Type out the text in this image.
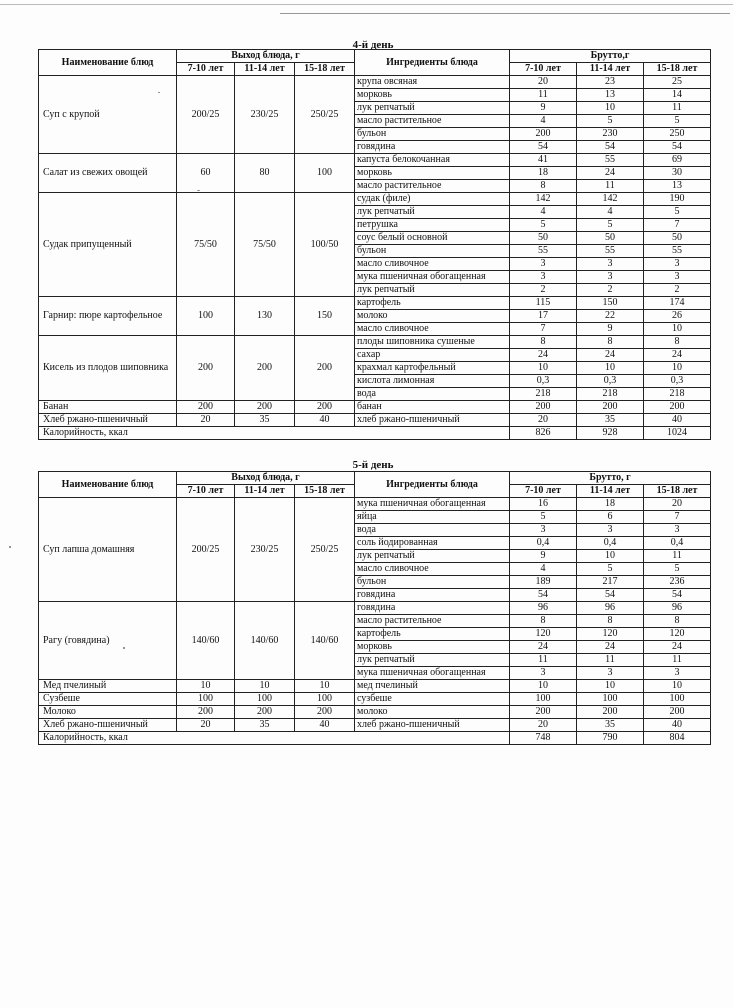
4-й день
Наименование блюд	Выход блюда, г			Ингредиенты блюда	Брутто,г		
	7-10 лет	11-14 лет	15-18 лет		7-10 лет	11-14 лет	15-18 лет
Суп с крупой	200/25	230/25	250/25	крупа овсяная	20	23	25
				морковь	11	13	14
				лук репчатый	9	10	11
				масло растительное	4	5	5
				бульон	200	230	250
				говядина	54	54	54
Салат из свежих овощей	60	80	100	капуста белокочанная	41	55	69
				морковь	18	24	30
				масло растительное	8	11	13
Судак припущенный	75/50	75/50	100/50	судак (филе)	142	142	190
				лук репчатый	4	4	5
				петрушка	5	5	7
				соус белый основной	50	50	50
				бульон	55	55	55
				масло сливочное	3	3	3
				мука пшеничная обогащенная	3	3	3
				лук репчатый	2	2	2
Гарнир: пюре картофельное	100	130	150	картофель	115	150	174
				молоко	17	22	26
				масло сливочное	7	9	10
Кисель из плодов шиповника	200	200	200	плоды шиповника сушеные	8	8	8
				сахар	24	24	24
				крахмал картофельный	10	10	10
				кислота лимонная	0,3	0,3	0,3
				вода	218	218	218
Банан	200	200	200	банан	200	200	200
Хлеб ржано-пшеничный	20	35	40	хлеб ржано-пшеничный	20	35	40
Калорийность, ккал					826	928	1024
5-й день
Наименование блюд	Выход блюда, г			Ингредиенты блюда	Брутто, г		
	7-10 лет	11-14 лет	15-18 лет		7-10 лет	11-14 лет	15-18 лет
Суп лапша домашняя	200/25	230/25	250/25	мука пшеничная обогащенная	16	18	20
				яйца	5	6	7
				вода	3	3	3
				соль йодированная	0,4	0,4	0,4
				лук репчатый	9	10	11
				масло сливочное	4	5	5
				бульон	189	217	236
				говядина	54	54	54
Рагу (говядина)	140/60	140/60	140/60	говядина	96	96	96
				масло растительное	8	8	8
				картофель	120	120	120
				морковь	24	24	24
				лук репчатый	11	11	11
				мука пшеничная обогащенная	3	3	3
Мед пчелиный	10	10	10	мед пчелиный	10	10	10
Сузбеше	100	100	100	сузбеше	100	100	100
Молоко	200	200	200	молоко	200	200	200
Хлеб ржано-пшеничный	20	35	40	хлеб ржано-пшеничный	20	35	40
Калорийность, ккал					748	790	804
